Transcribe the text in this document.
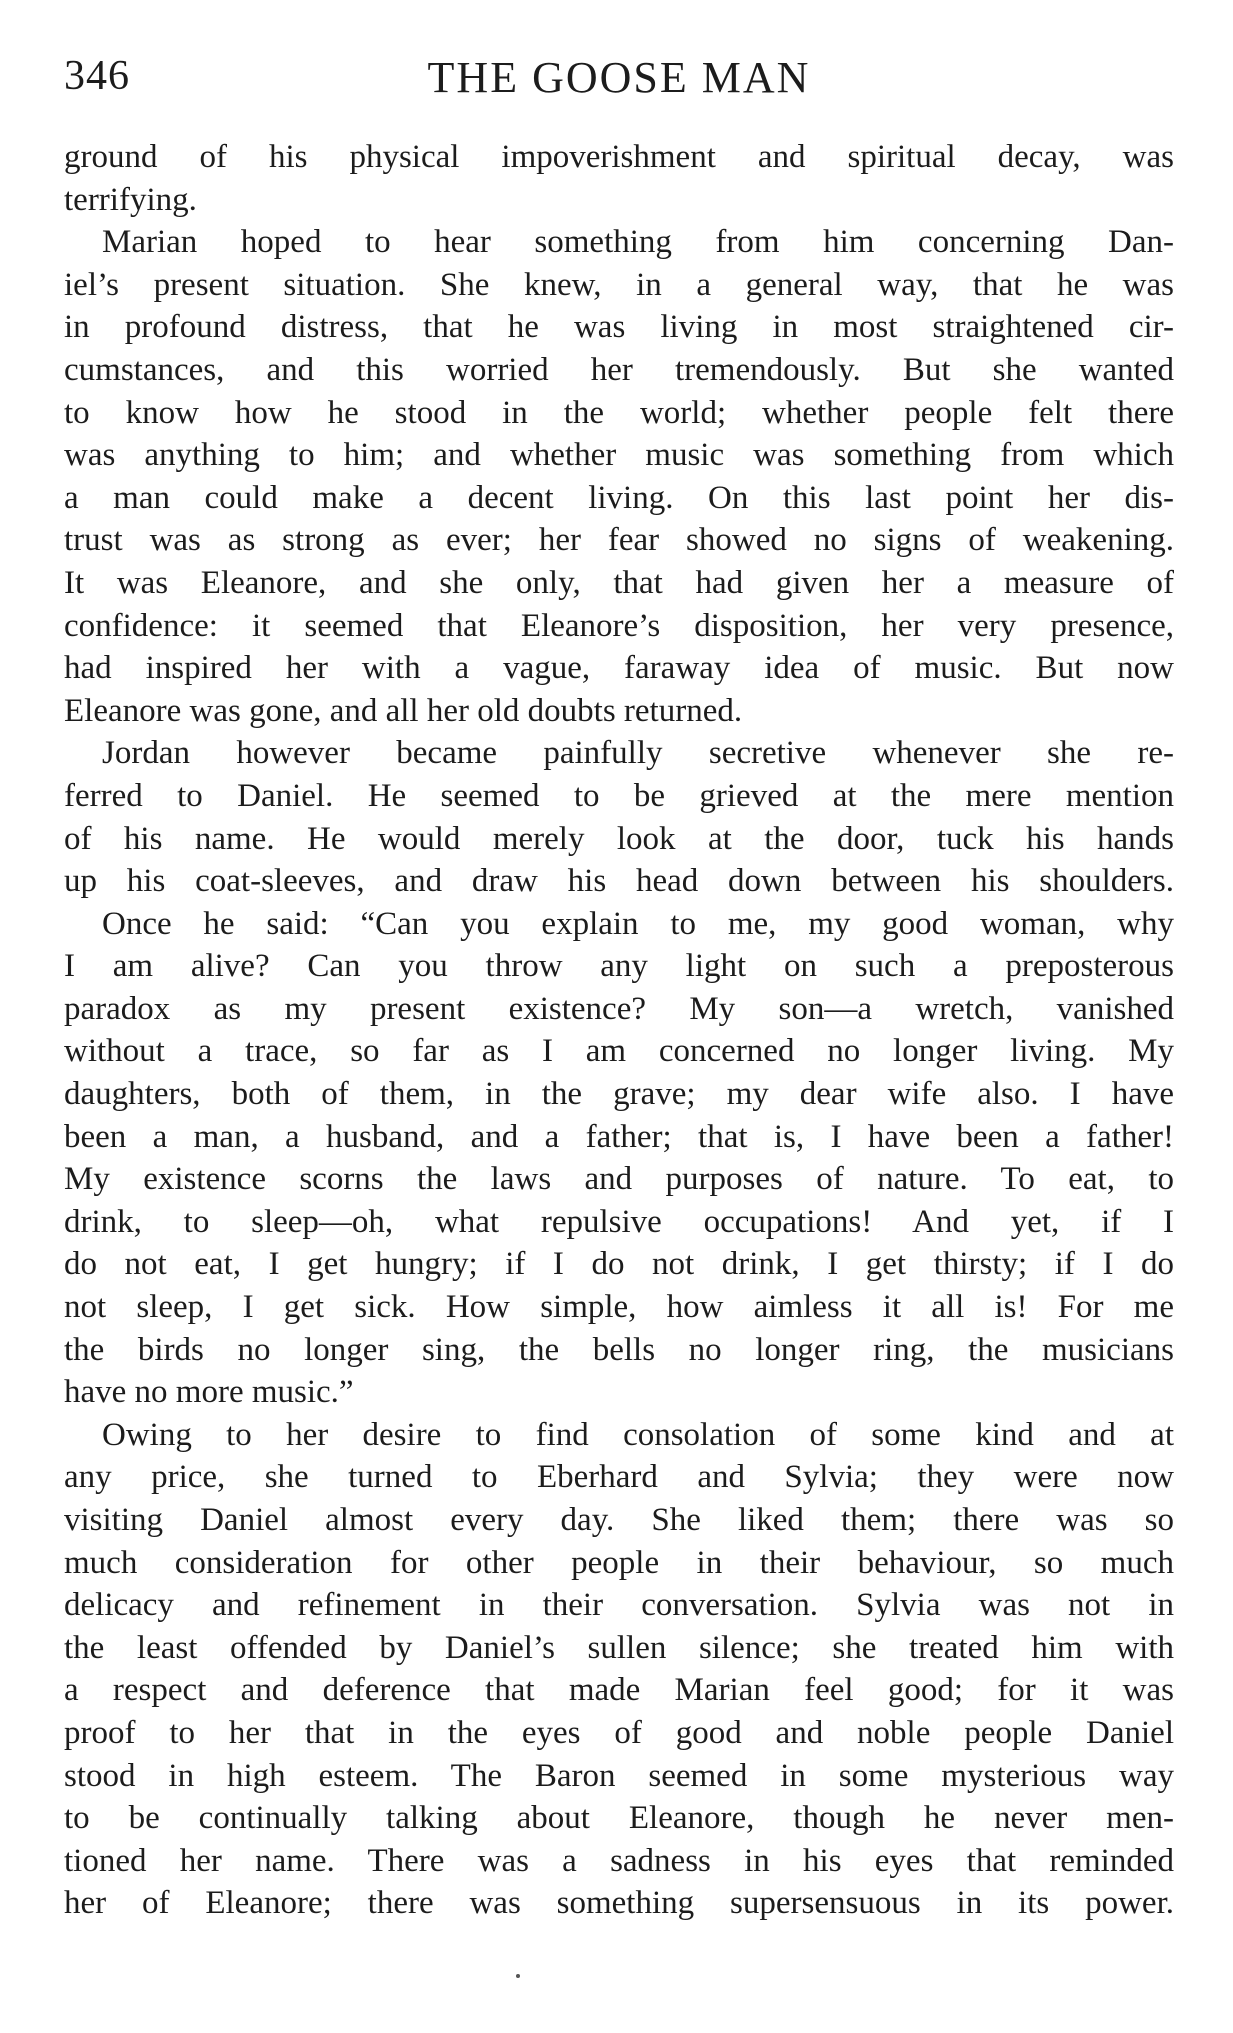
346	THE GOOSE MAN
ground of his physical impoverishment and spiritual decay, was
terrifying.
Marian hoped to hear something from him concerning Dan-
iel’s present situation. She knew, in a general way, that he was
in profound distress, that he was living in most straightened cir-
cumstances, and this worried her tremendously. But she wanted
to know how he stood in the world; whether people felt there
was anything to him; and whether music was something from which
a man could make a decent living. On this last point her dis-
trust was as strong as ever; her fear showed no signs of weakening.
It was Eleanore, and she only, that had given her a measure of
confidence: it seemed that Eleanore’s disposition, her very presence,
had inspired her with a vague, faraway idea of music. But now
Eleanore was gone, and all her old doubts returned.
Jordan however became painfully secretive whenever she re-
ferred to Daniel. He seemed to be grieved at the mere mention
of his name. He would merely look at the door, tuck his hands
up his coat-sleeves, and draw his head down between his shoulders.
Once he said: “Can you explain to me, my good woman, why
I am alive? Can you throw any light on such a preposterous
paradox as my present existence? My son—a wretch, vanished
without a trace, so far as I am concerned no longer living. My
daughters, both of them, in the grave; my dear wife also. I have
been a man, a husband, and a father; that is, I have been a father!
My existence scorns the laws and purposes of nature. To eat, to
drink, to sleep—oh, what repulsive occupations! And yet, if I
do not eat, I get hungry; if I do not drink, I get thirsty; if I do
not sleep, I get sick. How simple, how aimless it all is! For me
the birds no longer sing, the bells no longer ring, the musicians
have no more music.”
Owing to her desire to find consolation of some kind and at
any price, she turned to Eberhard and Sylvia; they were now
visiting Daniel almost every day. She liked them; there was so
much consideration for other people in their behaviour, so much
delicacy and refinement in their conversation. Sylvia was not in
the least offended by Daniel’s sullen silence; she treated him with
a respect and deference that made Marian feel good; for it was
proof to her that in the eyes of good and noble people Daniel
stood in high esteem. The Baron seemed in some mysterious way
to be continually talking about Eleanore, though he never men-
tioned her name. There was a sadness in his eyes that reminded
her of Eleanore; there was something supersensuous in its power.
